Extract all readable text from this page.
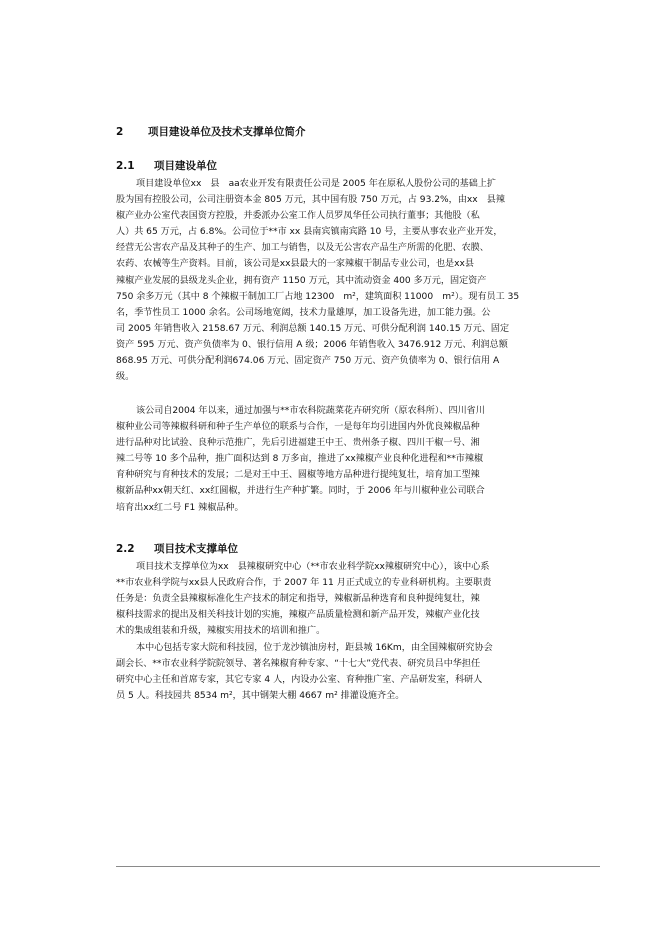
2 项目建设单位及技术支撑单位简介
2.1 项目建设单位
项目建设单位xx　县　aa农业开发有限责任公司是 2005 年在原私人股份公司的基础上扩
股为国有控股公司，公司注册资本金 805 万元，其中国有股 750 万元，占 93.2%，由xx　县辣
椒产业办公室代表国资方控股，并委派办公室工作人员罗凤华任公司执行董事；其他股（私
人）共 65 万元，占 6.8%。公司位于**市 xx 县南宾镇南宾路 10 号，主要从事农业产业开发，
经营无公害农产品及其种子的生产、加工与销售，以及无公害农产品生产所需的化肥、农膜、
农药、农械等生产资料。目前，该公司是xx县最大的一家辣椒干制品专业公司，也是xx县
辣椒产业发展的县级龙头企业，拥有资产 1150 万元，其中流动资金 400 多万元，固定资产
750 余多万元（其中 8 个辣椒干制加工厂占地 12300　m²，建筑面积 11000　m²）。现有员工 35
名，季节性员工 1000 余名。公司场地宽阔，技术力量雄厚，加工设备先进，加工能力强。公
司 2005 年销售收入 2158.67 万元、利润总额 140.15 万元、可供分配利润 140.15 万元、固定
资产 595 万元、资产负债率为 0、银行信用 A 级；2006 年销售收入 3476.912 万元、利润总额
868.95 万元、可供分配利润674.06 万元、固定资产 750 万元、资产负债率为 0、银行信用 A
级。
该公司自2004 年以来，通过加强与**市农科院蔬菜花卉研究所（原农科所）、四川省川
椒种业公司等辣椒科研和种子生产单位的联系与合作，一是每年均引进国内外优良辣椒品种
进行品种对比试验、良种示范推广，先后引进福建王中王、贵州条子椒、四川干椒一号、湘
辣二号等 10 多个品种，推广面积达到 8 万多亩，推进了xx辣椒产业良种化进程和**市辣椒
育种研究与育种技术的发展；二是对王中王、圆椒等地方品种进行提纯复壮，培育加工型辣
椒新品种xx朝天红、xx红圆椒，并进行生产种扩繁。同时，于 2006 年与川椒种业公司联合
培育出xx红二号 F1 辣椒品种。
2.2 项目技术支撑单位
项目技术支撑单位为xx　县辣椒研究中心（**市农业科学院xx辣椒研究中心），该中心系
**市农业科学院与xx县人民政府合作，于 2007 年 11 月正式成立的专业科研机构。主要职责
任务是：负责全县辣椒标准化生产技术的制定和指导，辣椒新品种选育和良种提纯复壮，辣
椒科技需求的提出及相关科技计划的实施，辣椒产品质量检测和新产品开发，辣椒产业化技
术的集成组装和升级，辣椒实用技术的培训和推广。
本中心包括专家大院和科技园，位于龙沙镇油房村，距县城 16Km，由全国辣椒研究协会
副会长、**市农业科学院院领导、著名辣椒育种专家、“十七大”党代表、研究员吕中华担任
研究中心主任和首席专家，其它专家 4 人，内设办公室、育种推广室、产品研发室，科研人
员 5 人。科技园共 8534 m²，其中钢架大棚 4667 m² 排灌设施齐全。
